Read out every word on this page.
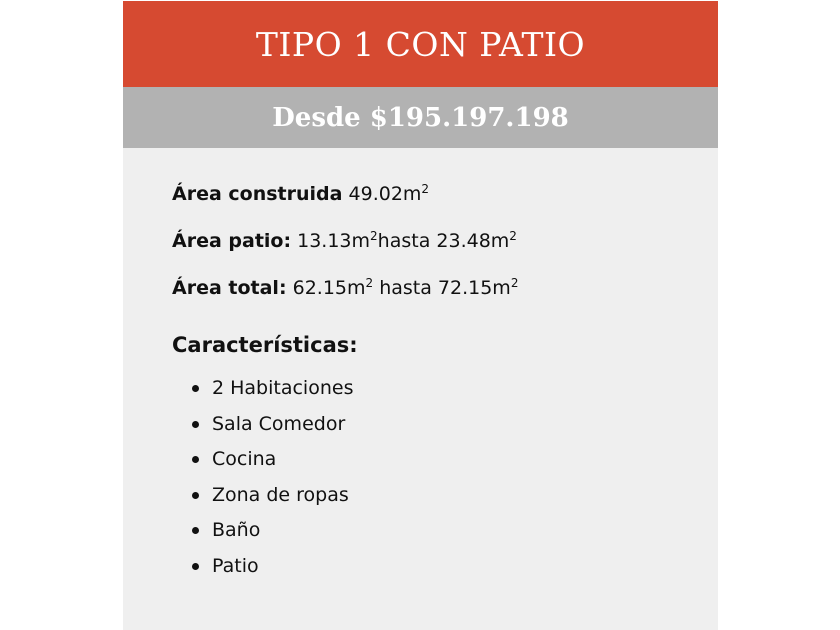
TIPO 1 CON PATIO
Desde $195.197.198
Área construida $49.02m^2$
Área patio: $13.13m^2hasta$ $23.48m^2$
Área total: $62.15m^2$ hasta $72.15m^2$
Características:
2 Habitaciones
Sala Comedor
Cocina
Zona de ropas
Baño
Patio
